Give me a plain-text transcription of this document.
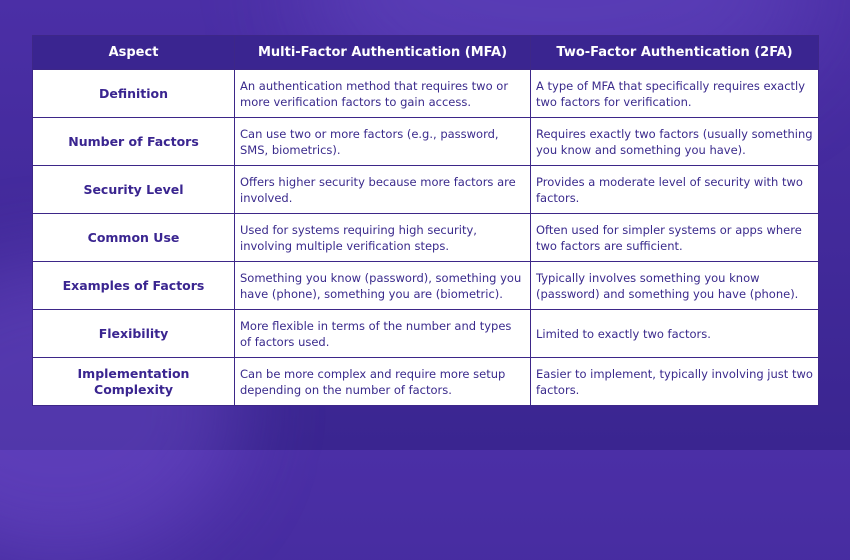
Aspect	Multi-Factor Authentication (MFA)	Two-Factor Authentication (2FA)
Definition	An authentication method that requires two or more verification factors to gain access.	A type of MFA that specifically requires exactly two factors for verification.
Number of Factors	Can use two or more factors (e.g., password, SMS, biometrics).	Requires exactly two factors (usually something you know and something you have).
Security Level	Offers higher security because more factors are involved.	Provides a moderate level of security with two factors.
Common Use	Used for systems requiring high security, involving multiple verification steps.	Often used for simpler systems or apps where two factors are sufficient.
Examples of Factors	Something you know (password), something you have (phone), something you are (biometric).	Typically involves something you know (password) and something you have (phone).
Flexibility	More flexible in terms of the number and types of factors used.	Limited to exactly two factors.
Implementation Complexity	Can be more complex and require more setup depending on the number of factors.	Easier to implement, typically involving just two factors.
